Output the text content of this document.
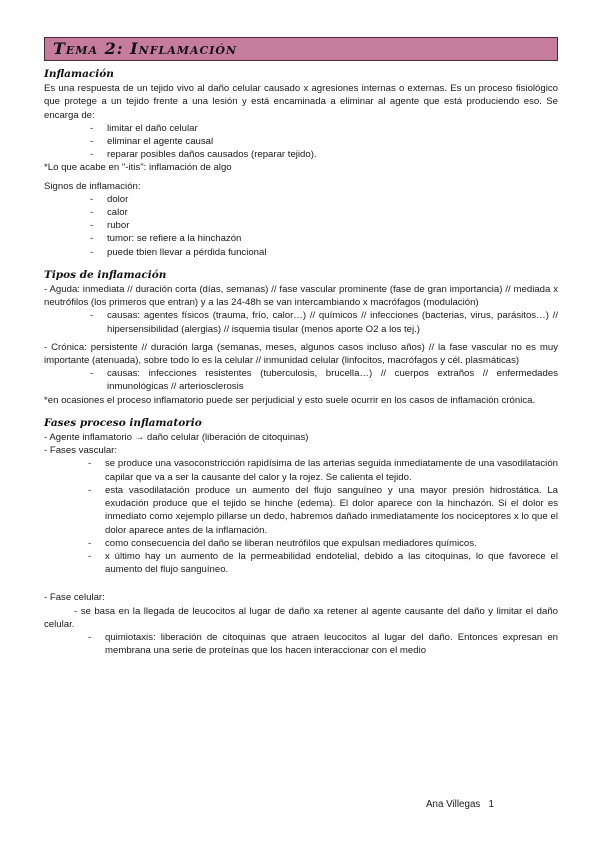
Tema 2: Inflamación
Inflamación

Es una respuesta de un tejido vivo al daño celular causado x agresiones internas o externas. Es un proceso fisiológico que protege a un tejido frente a una lesión y está encaminada a eliminar al agente que está produciendo eso. Se encarga de:

- limitar el daño celular
- eliminar el agente causal
- reparar posibles daños causados (reparar tejido).

*Lo que acabe en "-itis": inflamación de algo

Signos de inflamación:

- dolor
- calor
- rubor
- tumor: se refiere a la hinchazón
- puede tbien llevar a pérdida funcional
Tipos de inflamación

- Aguda: inmediata // duración corta (días, semanas) // fase vascular prominente (fase de gran importancia) // mediada x neutrófilos (los primeros que entran) y a las 24-48h se van intercambiando x macrófagos (modulación)

- causas: agentes físicos (trauma, frío, calor…) // químicos // infecciones (bacterias, virus, parásitos…) // hipersensibilidad (alergias) // isquemia tisular (menos aporte O2 a los tej.)

- Crónica: persistente // duración larga (semanas, meses, algunos casos incluso años) // la fase vascular no es muy importante (atenuada), sobre todo lo es la celular // inmunidad celular (linfocitos, macrófagos y cél. plasmáticas)

- causas: infecciones resistentes (tuberculosis, brucella…) // cuerpos extraños // enfermedades inmunológicas // arteriosclerosis

*en ocasiones el proceso inflamatorio puede ser perjudicial y esto suele ocurrir en los casos de inflamación crónica.

Fases proceso inflamatorio

- Agente inflamatorio → daño celular (liberación de citoquinas)

- Fases vascular:

- se produce una vasoconstricción rapidísima de las arterias seguida inmediatamente de una vasodilatación capilar que va a ser la causante del calor y la rojez. Se calienta el tejido.
- esta vasodilatación produce un aumento del flujo sanguíneo y una mayor presión hidrostática. La exudación produce que el tejido se hinche (edema). El dolor aparece con la hinchazón. Si el dolor es inmediato como xejemplo pillarse un dedo, habremos dañado inmediatamente los nociceptores x lo que el dolor aparece antes de la inflamación.
- como consecuencia del daño se liberan neutrófilos que expulsan mediadores químicos.
- x último hay un aumento de la permeabilidad endotelial, debido a las citoquinas, lo que favorece el aumento del flujo sanguíneo.

- Fase celular:

- se basa en la llegada de leucocitos al lugar de daño xa retener al agente causante del daño y limitar el daño celular.

- quimiotaxis: liberación de citoquinas que atraen leucocitos al lugar del daño. Entonces expresan en membrana una serie de proteínas que los hacen interaccionar con el medio
Ana Villegas   1
